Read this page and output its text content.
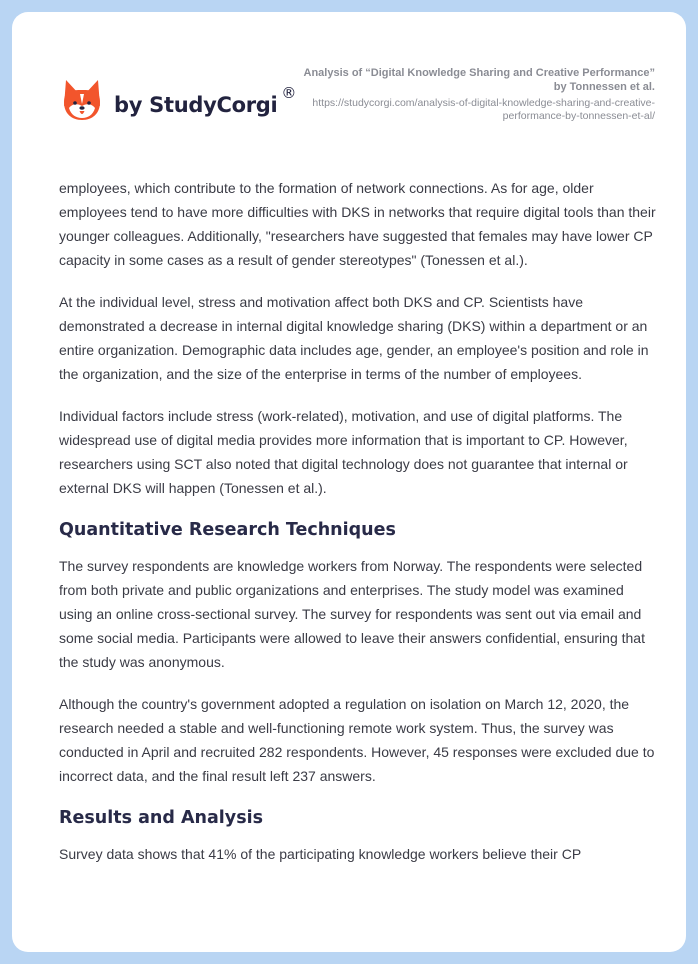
by StudyCorgi ®
Analysis of “Digital Knowledge Sharing and Creative Performance” by Tonnessen et al.
https://studycorgi.com/analysis-of-digital-knowledge-sharing-and-creative-performance-by-tonnessen-et-al/

employees, which contribute to the formation of network connections. As for age, older employees tend to have more difficulties with DKS in networks that require digital tools than their younger colleagues. Additionally, "researchers have suggested that females may have lower CP capacity in some cases as a result of gender stereotypes" (Tonessen et al.).

At the individual level, stress and motivation affect both DKS and CP. Scientists have demonstrated a decrease in internal digital knowledge sharing (DKS) within a department or an entire organization. Demographic data includes age, gender, an employee's position and role in the organization, and the size of the enterprise in terms of the number of employees.

Individual factors include stress (work-related), motivation, and use of digital platforms. The widespread use of digital media provides more information that is important to CP. However, researchers using SCT also noted that digital technology does not guarantee that internal or external DKS will happen (Tonessen et al.).

Quantitative Research Techniques

The survey respondents are knowledge workers from Norway. The respondents were selected from both private and public organizations and enterprises. The study model was examined using an online cross-sectional survey. The survey for respondents was sent out via email and some social media. Participants were allowed to leave their answers confidential, ensuring that the study was anonymous.

Although the country's government adopted a regulation on isolation on March 12, 2020, the research needed a stable and well-functioning remote work system. Thus, the survey was conducted in April and recruited 282 respondents. However, 45 responses were excluded due to incorrect data, and the final result left 237 answers.

Results and Analysis

Survey data shows that 41% of the participating knowledge workers believe their CP
